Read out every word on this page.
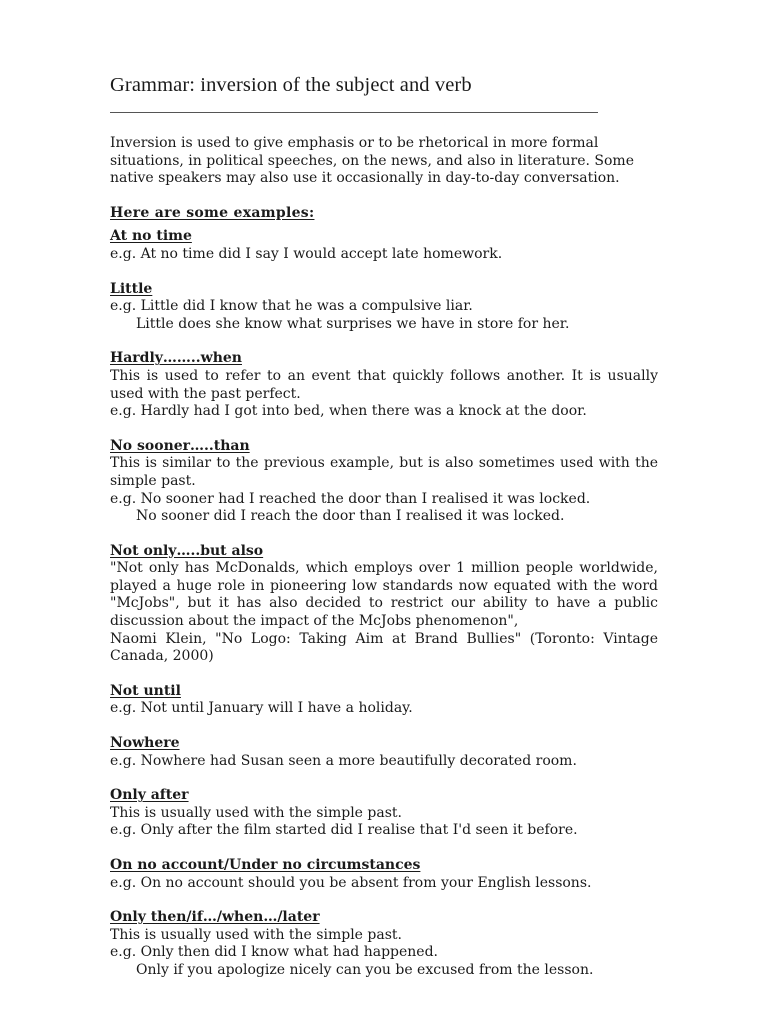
Grammar: inversion of the subject and verb

Inversion is used to give emphasis or to be rhetorical in more formal situations, in political speeches, on the news, and also in literature. Some native speakers may also use it occasionally in day-to-day conversation.

Here are some examples:

At no time

e.g. At no time did I say I would accept late homework.

Little

e.g. Little did I know that he was a compulsive liar.

Little does she know what surprises we have in store for her.

Hardly……..when

This is used to refer to an event that quickly follows another. It is usually used with the past perfect.

e.g. Hardly had I got into bed, when there was a knock at the door.

No sooner…..than

This is similar to the previous example, but is also sometimes used with the simple past.

e.g. No sooner had I reached the door than I realised it was locked.

No sooner did I reach the door than I realised it was locked.

Not only…..but also

"Not only has McDonalds, which employs over 1 million people worldwide, played a huge role in pioneering low standards now equated with the word "McJobs", but it has also decided to restrict our ability to have a public discussion about the impact of the McJobs phenomenon",

Naomi Klein, "No Logo: Taking Aim at Brand Bullies" (Toronto: Vintage Canada, 2000)

Not until

e.g. Not until January will I have a holiday.

Nowhere

e.g. Nowhere had Susan seen a more beautifully decorated room.

Only after

This is usually used with the simple past.

e.g. Only after the film started did I realise that I'd seen it before.

On no account/Under no circumstances

e.g. On no account should you be absent from your English lessons.

Only then/if…/when…/later

This is usually used with the simple past.

e.g. Only then did I know what had happened.

Only if you apologize nicely can you be excused from the lesson.
